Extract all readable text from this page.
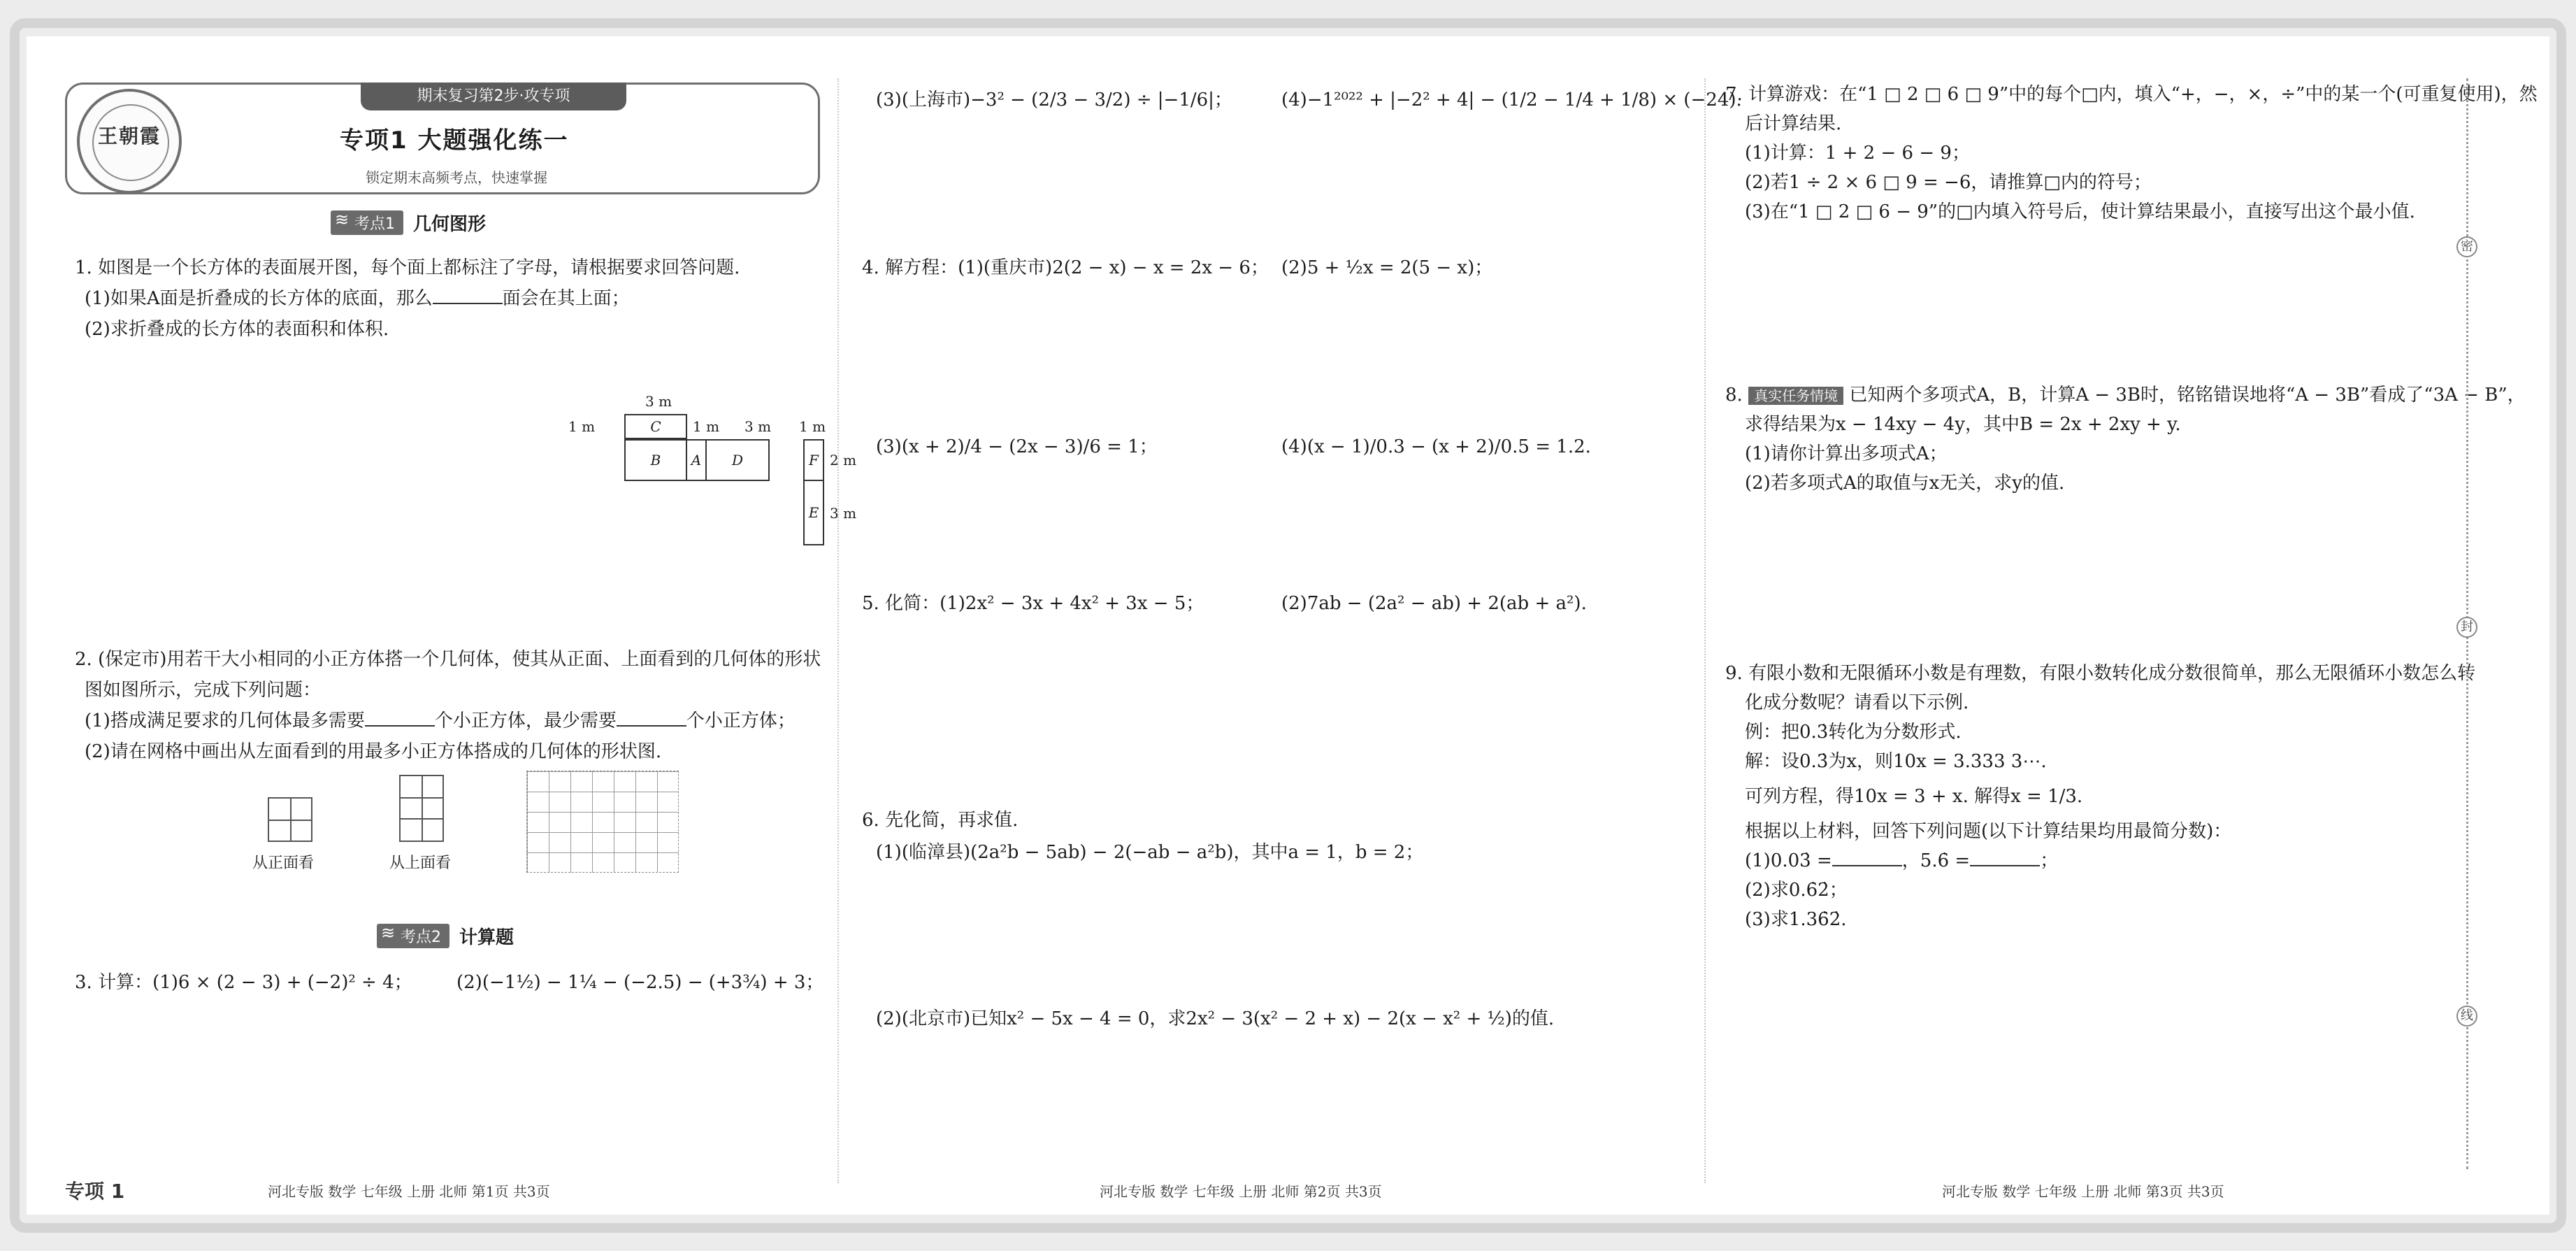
期末复习第2步·攻专项
王朝霞	专项1 大题强化练一
锁定期末高频考点，快速掌握
≋ 考点1	几何图形
1. 如图是一个长方体的表面展开图，每个面上都标注了字母，请根据要求回答问题.
(1)如果A面是折叠成的长方体的底面，那么	面会在其上面；
(2)求折叠成的长方体的表面积和体积.
3 m
1 m	C	1 m 3 m 1 m
B	A	D	F 2 m
E 3 m
2. (保定市)用若干大小相同的小正方体搭一个几何体，使其从正面、上面看到的几何体的形状
图如图所示，完成下列问题：
(1)搭成满足要求的几何体最多需要	个小正方体，最少需要	个小正方体；
(2)请在网格中画出从左面看到的用最多小正方体搭成的几何体的形状图.
从正面看	从上面看
≋ 考点2	计算题
3. 计算：(1)6 × (2 − 3) + (−2)² ÷ 4； (2)(−1½) − 1¼ − (−2.5) − (+3¾) + 3；
专项 1	河北专版 数学 七年级 上册 北师 第1页 共3页
(3)(上海市)−3² − (2/3 − 3/2) ÷ |−1/6|；	(4)−1²⁰²² + |−2² + 4| − (1/2 − 1/4 + 1/8) × (−24).
4. 解方程：(1)(重庆市)2(2 − x) − x = 2x − 6； (2)5 + ½x = 2(5 − x)；
(3)(x + 2)/4 − (2x − 3)/6 = 1；	(4)(x − 1)/0.3 − (x + 2)/0.5 = 1.2.
5. 化简：(1)2x² − 3x + 4x² + 3x − 5；	(2)7ab − (2a² − ab) + 2(ab + a²).
6. 先化简，再求值.
(1)(临漳县)(2a²b − 5ab) − 2(−ab − a²b)，其中a = 1，b = 2；
(2)(北京市)已知x² − 5x − 4 = 0，求2x² − 3(x² − 2 + x) − 2(x − x² + ½)的值.
河北专版 数学 七年级 上册 北师 第2页 共3页
7. 计算游戏：在“1 □ 2 □ 6 □ 9”中的每个□内，填入“+，−，×，÷”中的某一个(可重复使用)，然
后计算结果.
(1)计算：1 + 2 − 6 − 9；
(2)若1 ÷ 2 × 6 □ 9 = −6，请推算□内的符号；
(3)在“1 □ 2 □ 6 − 9”的□内填入符号后，使计算结果最小，直接写出这个最小值.
8. 真实任务情境 已知两个多项式A，B，计算A − 3B时，铭铭错误地将“A − 3B”看成了“3A − B”，
求得结果为x − 14xy − 4y，其中B = 2x + 2xy + y.
(1)请你计算出多项式A；
(2)若多项式A的取值与x无关，求y的值.
9. 有限小数和无限循环小数是有理数，有限小数转化成分数很简单，那么无限循环小数怎么转
化成分数呢？请看以下示例.
例：把0.3̇转化为分数形式.
解：设0.3̇为x，则10x = 3.333 3⋯.
可列方程，得10x = 3 + x. 解得x = 1/3.
根据以上材料，回答下列问题(以下计算结果均用最简分数)：
(1)0.03̇ =	，5.6̇ =	；
(2)求0.6̇2̇；
(3)求1.36̇2̇.
河北专版 数学 七年级 上册 北师 第3页 共3页
密
封
线
